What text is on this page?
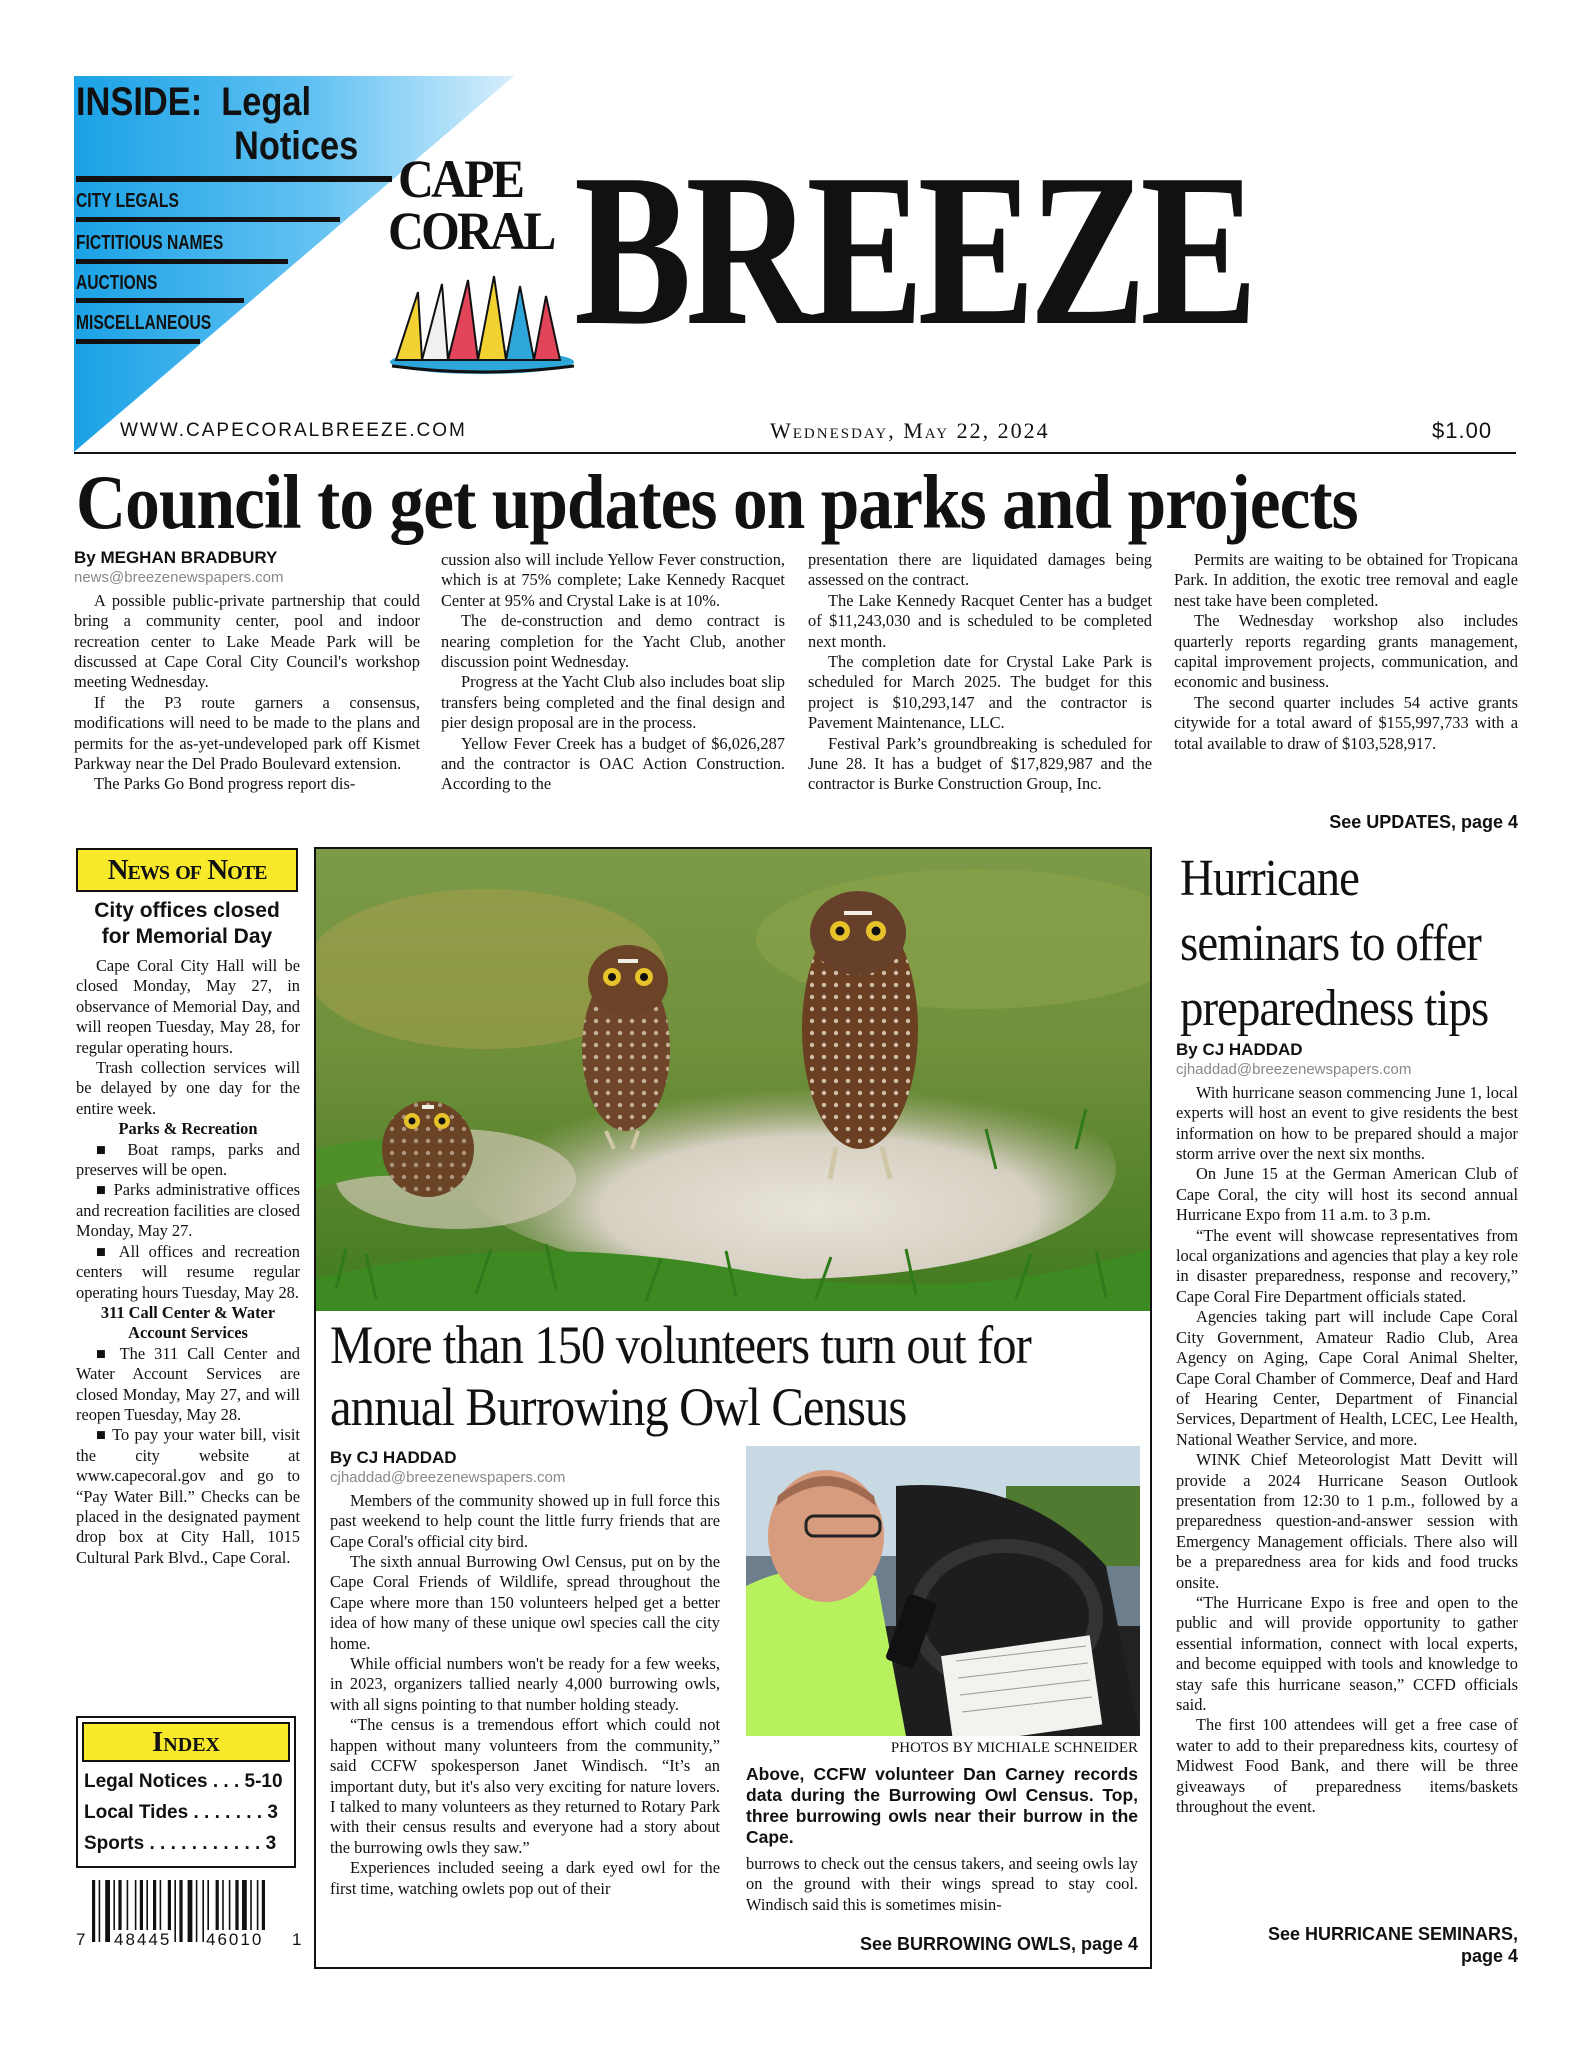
INSIDE:  Legal
Notices
CITY LEGALS
FICTITIOUS NAMES
AUCTIONS
MISCELLANEOUS
CAPE
CORAL BREEZE
WWW.CAPECORALBREEZE.COM	Wednesday, May 22, 2024	$1.00
Council to get updates on parks and projects
By MEGHAN BRADBURY
news@breezenewspapers.com

A possible public-private partnership that could bring a community center, pool and indoor recreation center to Lake Meade Park will be discussed at Cape Coral City Council's workshop meeting Wednesday.

If the P3 route garners a consensus, modifications will need to be made to the plans and permits for the as-yet-undeveloped park off Kismet Parkway near the Del Prado Boulevard extension.

The Parks Go Bond progress report dis-

cussion also will include Yellow Fever construction, which is at 75% complete; Lake Kennedy Racquet Center at 95% and Crystal Lake is at 10%.

The de-construction and demo contract is nearing completion for the Yacht Club, another discussion point Wednesday.

Progress at the Yacht Club also includes boat slip transfers being completed and the final design and pier design proposal are in the process.

Yellow Fever Creek has a budget of $6,026,287 and the contractor is OAC Action Construction. According to the

presentation there are liquidated damages being assessed on the contract.

The Lake Kennedy Racquet Center has a budget of $11,243,030 and is scheduled to be completed next month.

The completion date for Crystal Lake Park is scheduled for March 2025. The budget for this project is $10,293,147 and the contractor is Pavement Maintenance, LLC.

Festival Park’s groundbreaking is scheduled for June 28. It has a budget of $17,829,987 and the contractor is Burke Construction Group, Inc.

Permits are waiting to be obtained for Tropicana Park. In addition, the exotic tree removal and eagle nest take have been completed.

The Wednesday workshop also includes quarterly reports regarding grants management, capital improvement projects, communication, and economic and business.

The second quarter includes 54 active grants citywide for a total award of $155,997,733 with a total available to draw of $103,528,917.

See UPDATES, page 4
News of Note
City offices closed for Memorial Day

Cape Coral City Hall will be closed Monday, May 27, in observance of Memorial Day, and will reopen Tuesday, May 28, for regular operating hours.

Trash collection services will be delayed by one day for the entire week.

Parks & Recreation

■ Boat ramps, parks and preserves will be open.

■ Parks administrative offices and recreation facilities are closed Monday, May 27.

■ All offices and recreation centers will resume regular operating hours Tuesday, May 28.

311 Call Center & Water Account Services

■ The 311 Call Center and Water Account Services are closed Monday, May 27, and will reopen Tuesday, May 28.

■ To pay your water bill, visit the city website at www.capecoral.gov and go to “Pay Water Bill.” Checks can be placed in the designated payment drop box at City Hall, 1015 Cultural Park Blvd., Cape Coral.

Index
Legal Notices . . . 5-10
Local Tides . . . . . . . 3
Sports . . . . . . . . . . . 3
7 48445 46010 1
More than 150 volunteers turn out for annual Burrowing Owl Census
By CJ HADDAD
cjhaddad@breezenewspapers.com

Members of the community showed up in full force this past weekend to help count the little furry friends that are Cape Coral's official city bird.

The sixth annual Burrowing Owl Census, put on by the Cape Coral Friends of Wildlife, spread throughout the Cape where more than 150 volunteers helped get a better idea of how many of these unique owl species call the city home.

While official numbers won't be ready for a few weeks, in 2023, organizers tallied nearly 4,000 burrowing owls, with all signs pointing to that number holding steady.

“The census is a tremendous effort which could not happen without many volunteers from the community,” said CCFW spokesperson Janet Windisch. “It’s an important duty, but it's also very exciting for nature lovers. I talked to many volunteers as they returned to Rotary Park with their census results and everyone had a story about the burrowing owls they saw.”

Experiences included seeing a dark eyed owl for the first time, watching owlets pop out of their

PHOTOS BY MICHIALE SCHNEIDER
Above, CCFW volunteer Dan Carney records data during the Burrowing Owl Census. Top, three burrowing owls near their burrow in the Cape.

burrows to check out the census takers, and seeing owls lay on the ground with their wings spread to stay cool. Windisch said this is sometimes misin-

See BURROWING OWLS, page 4
Hurricane seminars to offer preparedness tips
By CJ HADDAD
cjhaddad@breezenewspapers.com

With hurricane season commencing June 1, local experts will host an event to give residents the best information on how to be prepared should a major storm arrive over the next six months.

On June 15 at the German American Club of Cape Coral, the city will host its second annual Hurricane Expo from 11 a.m. to 3 p.m.

“The event will showcase representatives from local organizations and agencies that play a key role in disaster preparedness, response and recovery,” Cape Coral Fire Department officials stated.

Agencies taking part will include Cape Coral City Government, Amateur Radio Club, Area Agency on Aging, Cape Coral Animal Shelter, Cape Coral Chamber of Commerce, Deaf and Hard of Hearing Center, Department of Financial Services, Department of Health, LCEC, Lee Health, National Weather Service, and more.

WINK Chief Meteorologist Matt Devitt will provide a 2024 Hurricane Season Outlook presentation from 12:30 to 1 p.m., followed by a preparedness question-and-answer session with Emergency Management officials. There also will be a preparedness area for kids and food trucks onsite.

“The Hurricane Expo is free and open to the public and will provide opportunity to gather essential information, connect with local experts, and become equipped with tools and knowledge to stay safe this hurricane season,” CCFD officials said.

The first 100 attendees will get a free case of water to add to their preparedness kits, courtesy of Midwest Food Bank, and there will be three giveaways of preparedness items/baskets throughout the event.

See HURRICANE SEMINARS,
page 4
